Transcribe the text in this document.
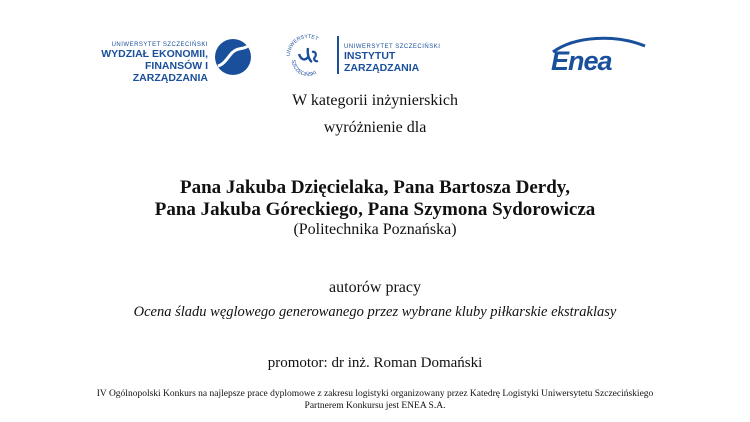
UNIWERSYTET SZCZECIŃSKI
WYDZIAŁ EKONOMII,
FINANSÓW I ZARZĄDZANIA
UNIWERSYTET
SZCZECIŃSKI
UNIWERSYTET SZCZECIŃSKI
INSTYTUT ZARZĄDZANIA	Enea
W kategorii inżynierskich
wyróżnienie dla
Pana Jakuba Dzięcielaka, Pana Bartosza Derdy,
Pana Jakuba Góreckiego, Pana Szymona Sydorowicza
(Politechnika Poznańska)
autorów pracy
Ocena śladu węglowego generowanego przez wybrane kluby piłkarskie ekstraklasy
promotor: dr inż. Roman Domański
IV Ogólnopolski Konkurs na najlepsze prace dyplomowe z zakresu logistyki organizowany przez Katedrę Logistyki Uniwersytetu Szczecińskiego
Partnerem Konkursu jest ENEA S.A.
